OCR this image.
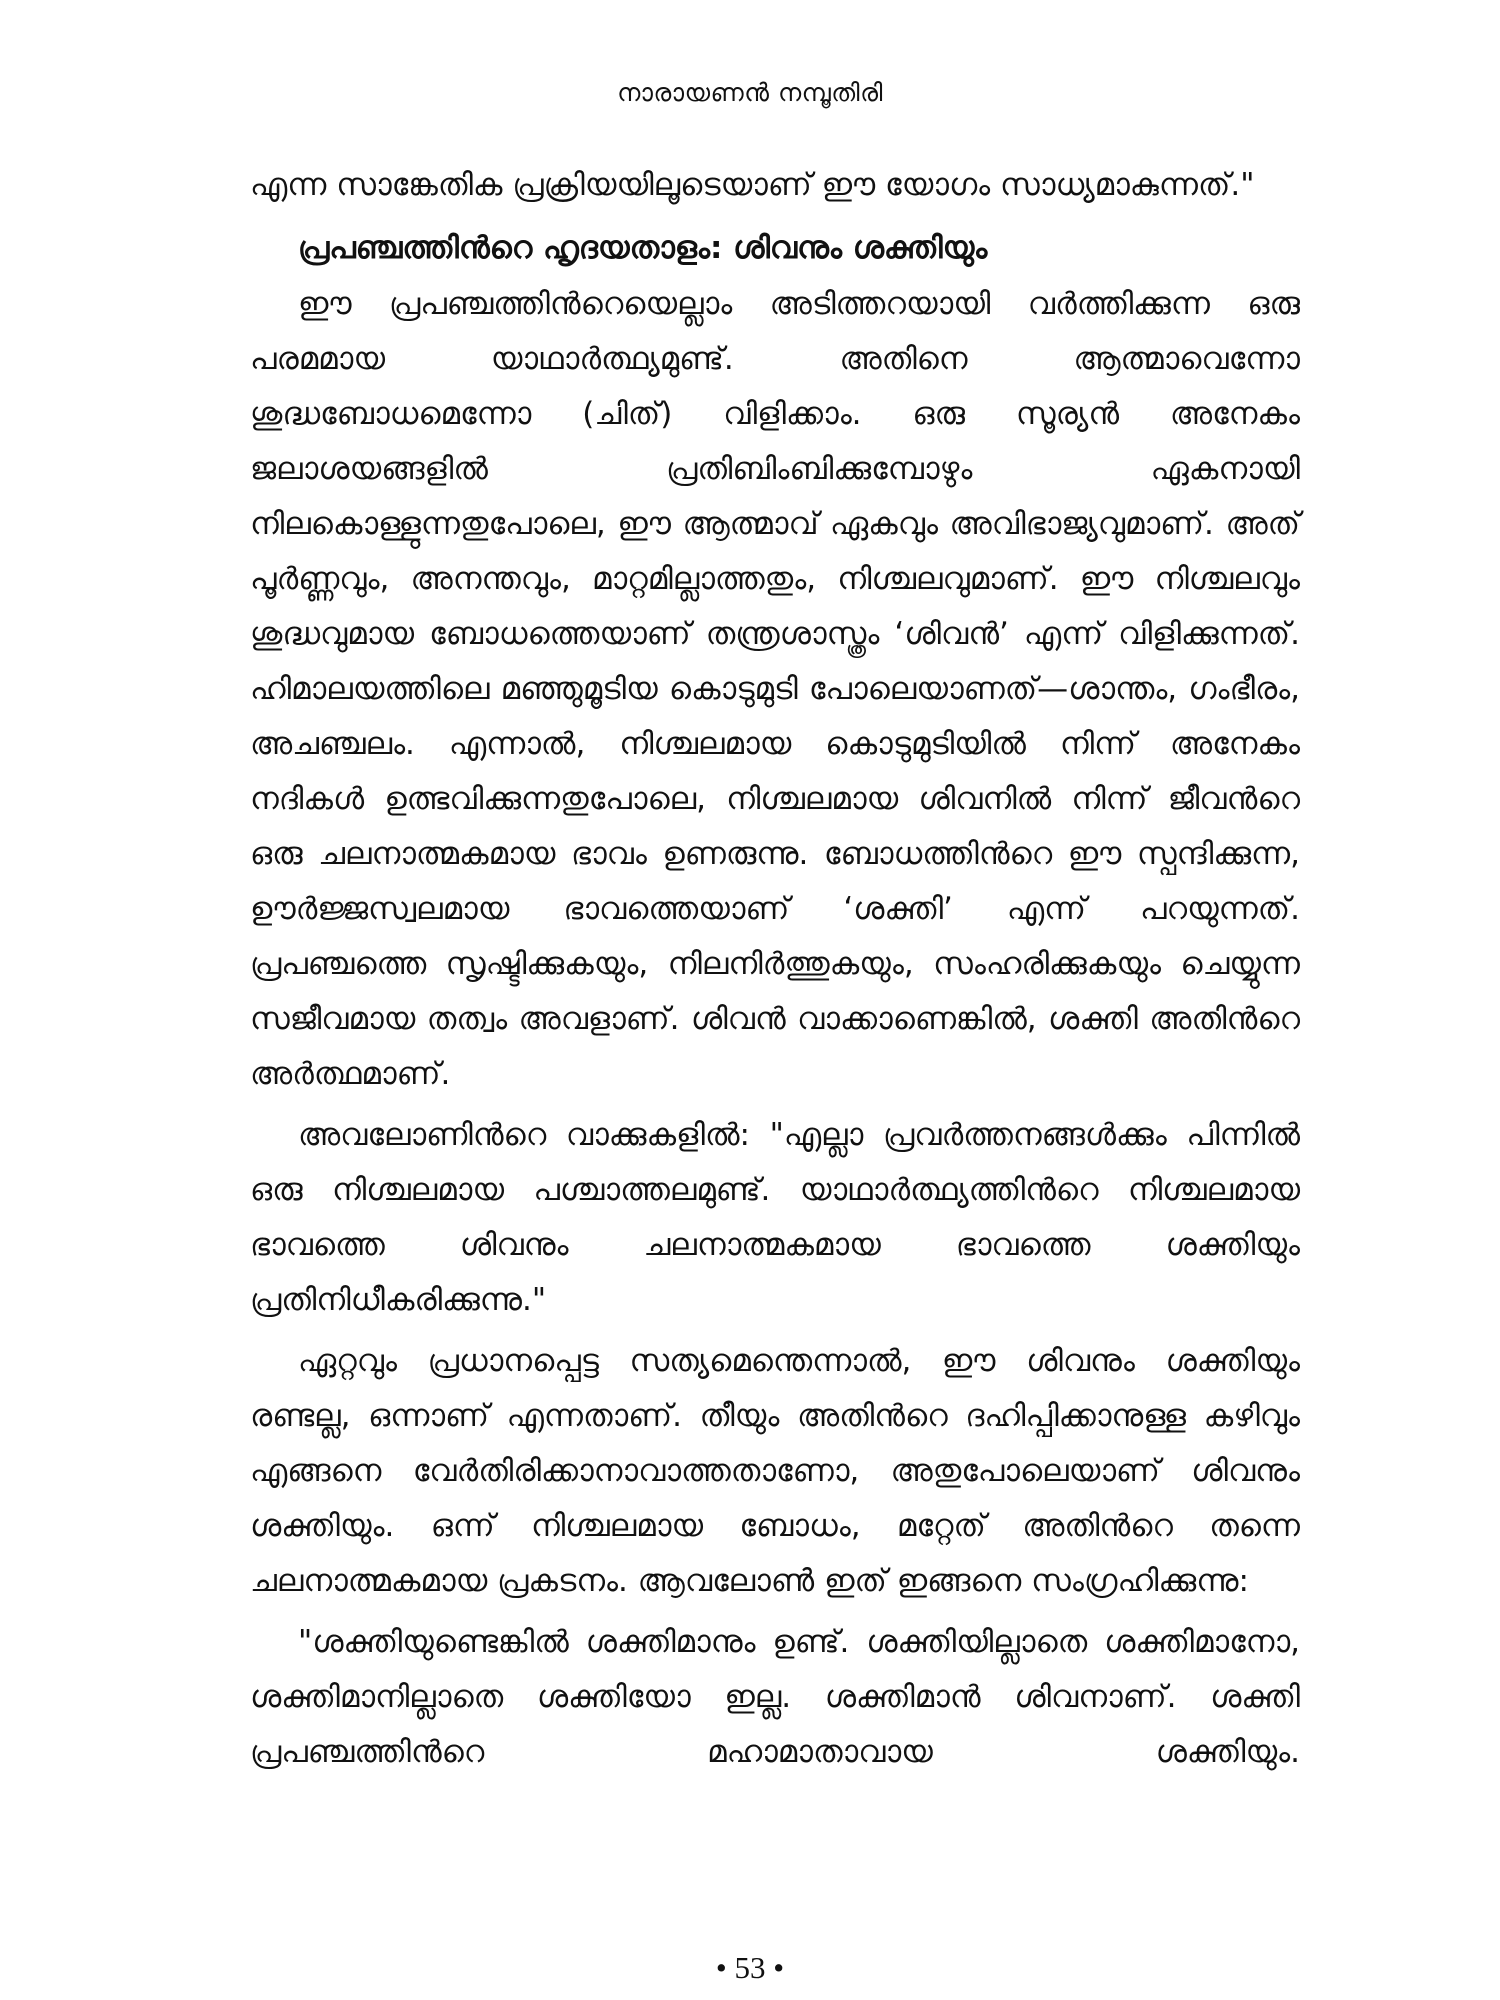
നാരായണൻ നമ്പൂതിരി

എന്ന സാങ്കേതിക പ്രക്രിയയിലൂടെയാണ് ഈ യോഗം സാധ്യമാകുന്നത്."

പ്രപഞ്ചത്തിൻറെ ഹൃദയതാളം: ശിവനും ശക്തിയും

ഈ പ്രപഞ്ചത്തിൻറെയെല്ലാം അടിത്തറയായി വർത്തിക്കുന്ന ഒരു പരമമായ യാഥാർത്ഥ്യമുണ്ട്. അതിനെ ആത്മാവെന്നോ ശുദ്ധബോധമെന്നോ (ചിത്) വിളിക്കാം. ഒരു സൂര്യൻ അനേകം ജലാശയങ്ങളിൽ പ്രതിബിംബിക്കുമ്പോഴും ഏകനായി നിലകൊള്ളുന്നതുപോലെ, ഈ ആത്മാവ് ഏകവും അവിഭാജ്യവുമാണ്. അത് പൂർണ്ണവും, അനന്തവും, മാറ്റമില്ലാത്തതും, നിശ്ചലവുമാണ്. ഈ നിശ്ചലവും ശുദ്ധവുമായ ബോധത്തെയാണ് തന്ത്രശാസ്ത്രം ‘ശിവൻ’ എന്ന് വിളിക്കുന്നത്. ഹിമാലയത്തിലെ മഞ്ഞുമൂടിയ കൊടുമുടി പോലെയാണത്—ശാന്തം, ഗംഭീരം, അചഞ്ചലം. എന്നാൽ, നിശ്ചലമായ കൊടുമുടിയിൽ നിന്ന് അനേകം നദികൾ ഉത്ഭവിക്കുന്നതുപോലെ, നിശ്ചലമായ ശിവനിൽ നിന്ന് ജീവൻറെ ഒരു ചലനാത്മകമായ ഭാവം ഉണരുന്നു. ബോധത്തിൻറെ ഈ സ്പന്ദിക്കുന്ന, ഊർജ്ജസ്വലമായ ഭാവത്തെയാണ് ‘ശക്തി’ എന്ന് പറയുന്നത്. പ്രപഞ്ചത്തെ സൃഷ്ടിക്കുകയും, നിലനിർത്തുകയും, സംഹരിക്കുകയും ചെയ്യുന്ന സജീവമായ തത്വം അവളാണ്. ശിവൻ വാക്കാണെങ്കിൽ, ശക്തി അതിൻറെ അർത്ഥമാണ്.

അവലോണിൻറെ വാക്കുകളിൽ: "എല്ലാ പ്രവർത്തനങ്ങൾക്കും പിന്നിൽ ഒരു നിശ്ചലമായ പശ്ചാത്തലമുണ്ട്. യാഥാർത്ഥ്യത്തിൻറെ നിശ്ചലമായ ഭാവത്തെ ശിവനും ചലനാത്മകമായ ഭാവത്തെ ശക്തിയും പ്രതിനിധീകരിക്കുന്നു."

ഏറ്റവും പ്രധാനപ്പെട്ട സത്യമെന്തെന്നാൽ, ഈ ശിവനും ശക്തിയും രണ്ടല്ല, ഒന്നാണ് എന്നതാണ്. തീയും അതിൻറെ ദഹിപ്പിക്കാനുള്ള കഴിവും എങ്ങനെ വേർതിരിക്കാനാവാത്തതാണോ, അതുപോലെയാണ് ശിവനും ശക്തിയും. ഒന്ന് നിശ്ചലമായ ബോധം, മറ്റേത് അതിൻറെ തന്നെ ചലനാത്മകമായ പ്രകടനം. ആവലോൺ ഇത് ഇങ്ങനെ സംഗ്രഹിക്കുന്നു:

"ശക്തിയുണ്ടെങ്കിൽ ശക്തിമാനും ഉണ്ട്. ശക്തിയില്ലാതെ ശക്തിമാനോ, ശക്തിമാനില്ലാതെ ശക്തിയോ ഇല്ല. ശക്തിമാൻ ശിവനാണ്. ശക്തി പ്രപഞ്ചത്തിൻറെ മഹാമാതാവായ ശക്തിയും.

• 53 •
